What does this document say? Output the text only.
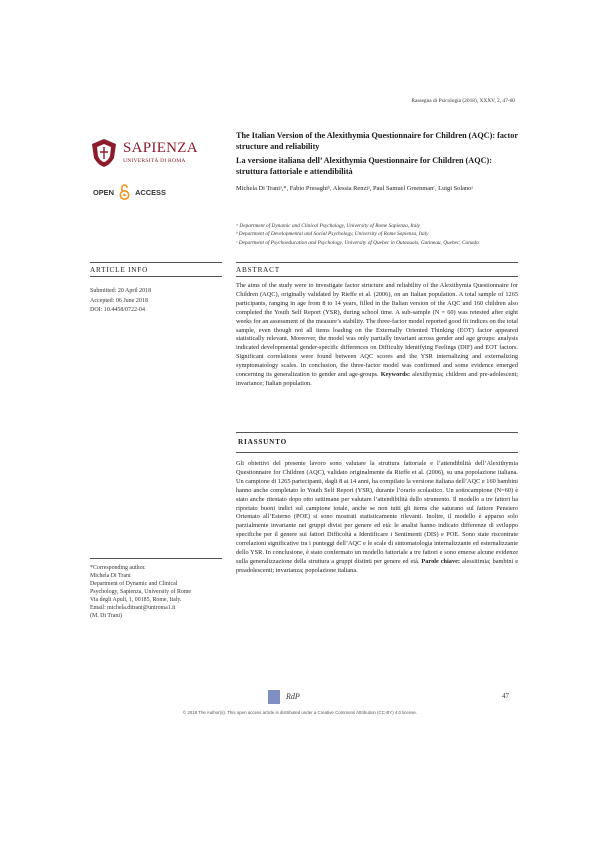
Rassegna di Psicologia (2018), XXXV, 2, 47-60
SAPIENZA
UNIVERSITÀ DI ROMA
OPEN	ACCESS
The Italian Version of the Alexithymia Questionnaire for Children (AQC): factor structure and reliability
La versione italiana dell’ Alexithymia Questionnaire for Children (AQC): struttura fattoriale e attendibilità
Michela Di Traniᵃ,*, Fabio Presaghiᵇ, Alessia Renziᵃ, Paul Samuel Greenmanᶜ, Luigi Solanoᵃ
ᵃ Department of Dynamic and Clinical Psychology, University of Rome Sapienza, Italy
ᵇ Department of Developmental and Social Psychology, University of Rome Sapienza, Italy
ᶜ Department of Psychoeducation and Psychology, University of Quebec in Outaouais, Gatineau, Quebec, Canada
ARTICLE INFO	ABSTRACT
Submitted: 20 April 2018
Accepted: 06 June 2018
DOI: 10.4458/0722-04
The aims of the study were to investigate factor structure and reliability of the Alexithymia Questionnaire for Children (AQC), originally validated by Rieffe et al. (2006), on an Italian population. A total sample of 1265 participants, ranging in age from 8 to 14 years, filled in the Italian version of the AQC and 160 children also completed the Youth Self Report (YSR), during school time. A sub-sample (N = 60) was retested after eight weeks for an assessment of the measure’s stability. The three-factor model reported good fit indices on the total sample, even though not all items loading on the Externally Oriented Thinking (EOT) factor appeared statistically relevant. Moreover, the model was only partially invariant across gender and age groups: analysis indicated developmental gender-specific differences on Difficulty Identifying Feelings (DIF) and EOT factors. Significant correlations were found between AQC scores and the YSR internalizing and externalizing symptomatology scales. In conclusion, the three-factor model was confirmed and some evidence emerged concerning its generalization to gender and age-groups. Keywords: alexithymia; children and pre-adolescent; invariance; Italian population.
RIASSUNTO
Gli obiettivi del presente lavoro sono valutare la struttura fattoriale e l’attendibilità dell’Alexithymia Questionnaire for Children (AQC), validato originalmente da Rieffe et al. (2006), su una popolazione italiana. Un campione di 1265 partecipanti, dagli 8 ai 14 anni, ha compilato la versione italiana dell’AQC e 160 bambini hanno anche completato lo Youth Self Report (YSR), durante l’orario scolastico. Un sottocampione (N=60) è stato anche ritestato dopo otto settimane per valutare l’attendibilità dello strumento. Il modello a tre fattori ha riportato buoni indici sul campione totale, anche se non tutti gli items che saturano sul fattore Pensiero Orientato all’Esterno (POE) si sono mostrati statisticamente rilevanti. Inoltre, il modello è apparso solo parzialmente invariante nei gruppi divisi per genere ed età: le analisi hanno indicato differenze di sviluppo specifiche per il genere sui fattori Difficoltà a Identificare i Sentimenti (DIS) e POE. Sono state riscontrate correlazioni significative tra i punteggi dell’AQC e le scale di sintomatologia internalizzante ed esternalizzante dello YSR. In conclusione, è stato confermato un modello fattoriale a tre fattori e sono emerse alcune evidenze sulla generalizzazione della struttura a gruppi distinti per genere ed età. Parole chiave: alessitimia; bambini e preadolescenti; invarianza; popolazione italiana.
*Corresponding author.
Michela Di Trani
Department of Dynamic and Clinical
Psychology, Sapienza, University of Rome
Via degli Apuli, 1, 00185, Rome, Italy.
Email: michela.ditrani@uniroma1.it
(M. Di Trani)
RdP	47
© 2018 The Author(s). This open access article is distributed under a Creative Commons Attribution (CC-BY) 4.0 license.
